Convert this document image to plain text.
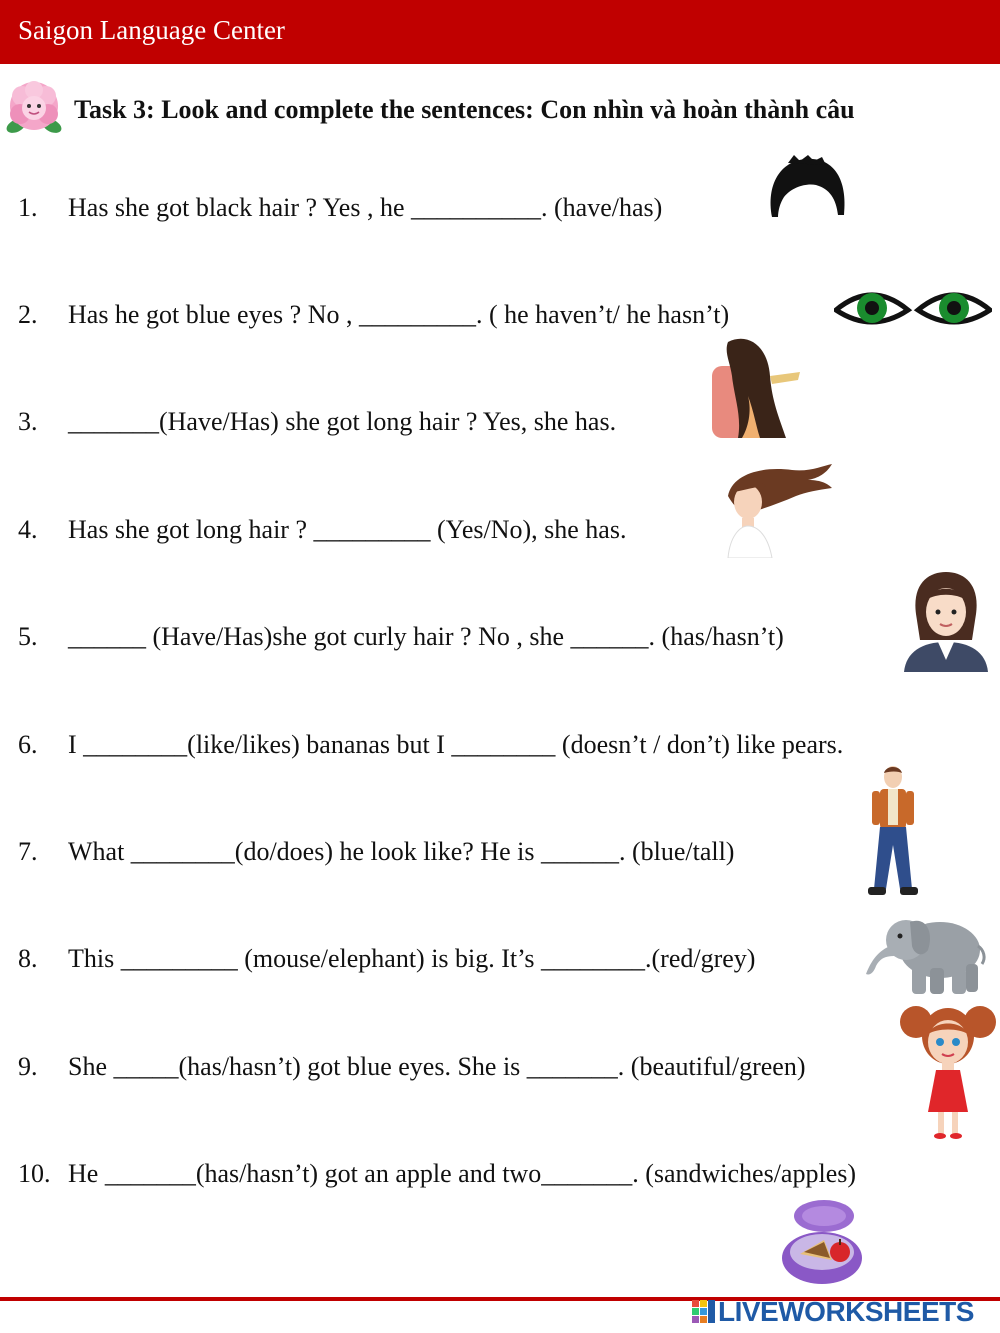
Saigon Language Center
Task 3: Look and complete the sentences: Con nhìn và hoàn thành câu
1. Has she got black hair ? Yes , he __________. (have/has)
2. Has he got blue eyes ? No , _________. ( he haven’t/ he hasn’t)
3. _______(Have/Has) she got long hair ? Yes, she has.
4. Has she got long hair ? _________ (Yes/No), she has.
5. ______ (Have/Has)she got curly hair ? No , she ______. (has/hasn’t)
6. I ________(like/likes) bananas but I ________ (doesn’t / don’t) like pears.
7. What ________(do/does) he look like? He is ______. (blue/tall)
8. This _________ (mouse/elephant) is big. It’s ________.(red/grey)
9. She _____(has/hasn’t) got blue eyes. She is _______. (beautiful/green)
10. He _______(has/hasn’t) got an apple and two_______. (sandwiches/apples)
LIVEWORKSHEETS
